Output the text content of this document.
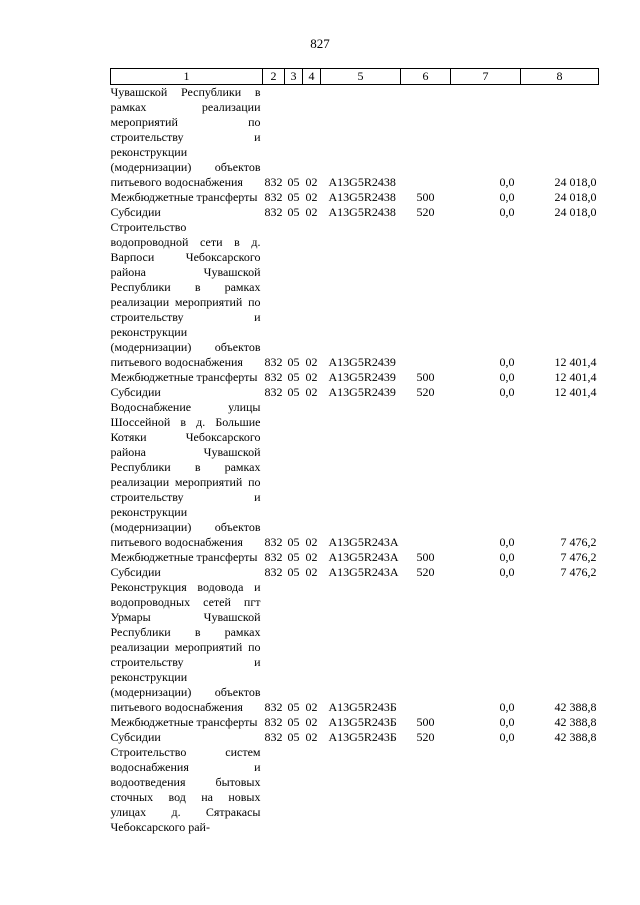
827
1	2	3	4	5	6	7	8
Чувашской Республики в рамках реализации мероприятий по строительству и реконструкции (модернизации) объектов питьевого водоснабжения	832	05	02	А13G5R2438		0,0	24 018,0
Межбюджетные трансферты	832	05	02	А13G5R2438	500	0,0	24 018,0
Субсидии	832	05	02	А13G5R2438	520	0,0	24 018,0
Строительство водопроводной сети в д. Варпоси Чебоксарского района Чувашской Республики в рамках реализации мероприятий по строительству и реконструкции (модернизации) объектов питьевого водоснабжения	832	05	02	А13G5R2439		0,0	12 401,4
Межбюджетные трансферты	832	05	02	А13G5R2439	500	0,0	12 401,4
Субсидии	832	05	02	А13G5R2439	520	0,0	12 401,4
Водоснабжение улицы Шоссейной в д. Большие Котяки Чебоксарского района Чувашской Республики в рамках реализации мероприятий по строительству и реконструкции (модернизации) объектов питьевого водоснабжения	832	05	02	А13G5R243A		0,0	7 476,2
Межбюджетные трансферты	832	05	02	А13G5R243A	500	0,0	7 476,2
Субсидии	832	05	02	А13G5R243A	520	0,0	7 476,2
Реконструкция водовода и водопроводных сетей пгт Урмары Чувашской Республики в рамках реализации мероприятий по строительству и реконструкции (модернизации) объектов питьевого водоснабжения	832	05	02	А13G5R243Б		0,0	42 388,8
Межбюджетные трансферты	832	05	02	А13G5R243Б	500	0,0	42 388,8
Субсидии	832	05	02	А13G5R243Б	520	0,0	42 388,8
Строительство систем водоснабжения и водоотведения бытовых сточных вод на новых улицах д. Сятракасы Чебоксарского рай-							
